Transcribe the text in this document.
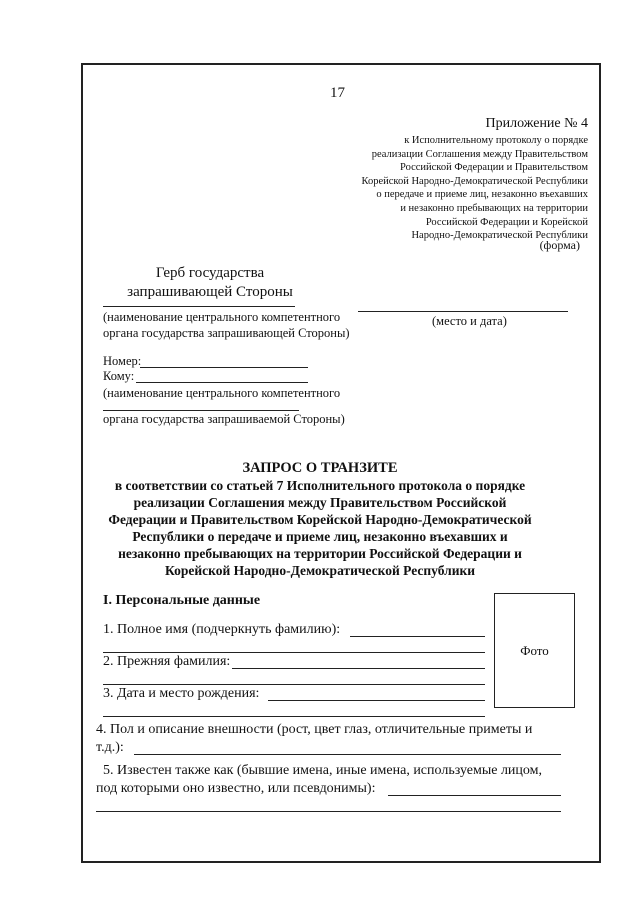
17
Приложение № 4
к Исполнительному протоколу о порядке
реализации Соглашения между Правительством
Российской Федерации и Правительством
Корейской Народно-Демократической Республики
о передаче и приеме лиц, незаконно въехавших
и незаконно пребывающих на территории
Российской Федерации и Корейской
Народно-Демократической Республики
(форма)
Герб государства запрашивающей Стороны
(наименование центрального компетентного
органа государства запрашивающей Стороны)
(место и дата)
Номер:
Кому:
(наименование центрального компетентного
органа государства запрашиваемой Стороны)
ЗАПРОС О ТРАНЗИТЕ
в соответствии со статьей 7 Исполнительного протокола о порядке
реализации Соглашения между Правительством Российской
Федерации и Правительством Корейской Народно-Демократической
Республики о передаче и приеме лиц, незаконно въехавших и
незаконно пребывающих на территории Российской Федерации и
Корейской Народно-Демократической Республики
I. Персональные данные
1. Полное имя (подчеркнуть фамилию):
2. Прежняя фамилия:
3. Дата и место рождения:
Фото
4. Пол и описание внешности (рост, цвет глаз, отличительные приметы и
т.д.):
5. Известен также как (бывшие имена, иные имена, используемые лицом,
под которыми оно известно, или псевдонимы):
